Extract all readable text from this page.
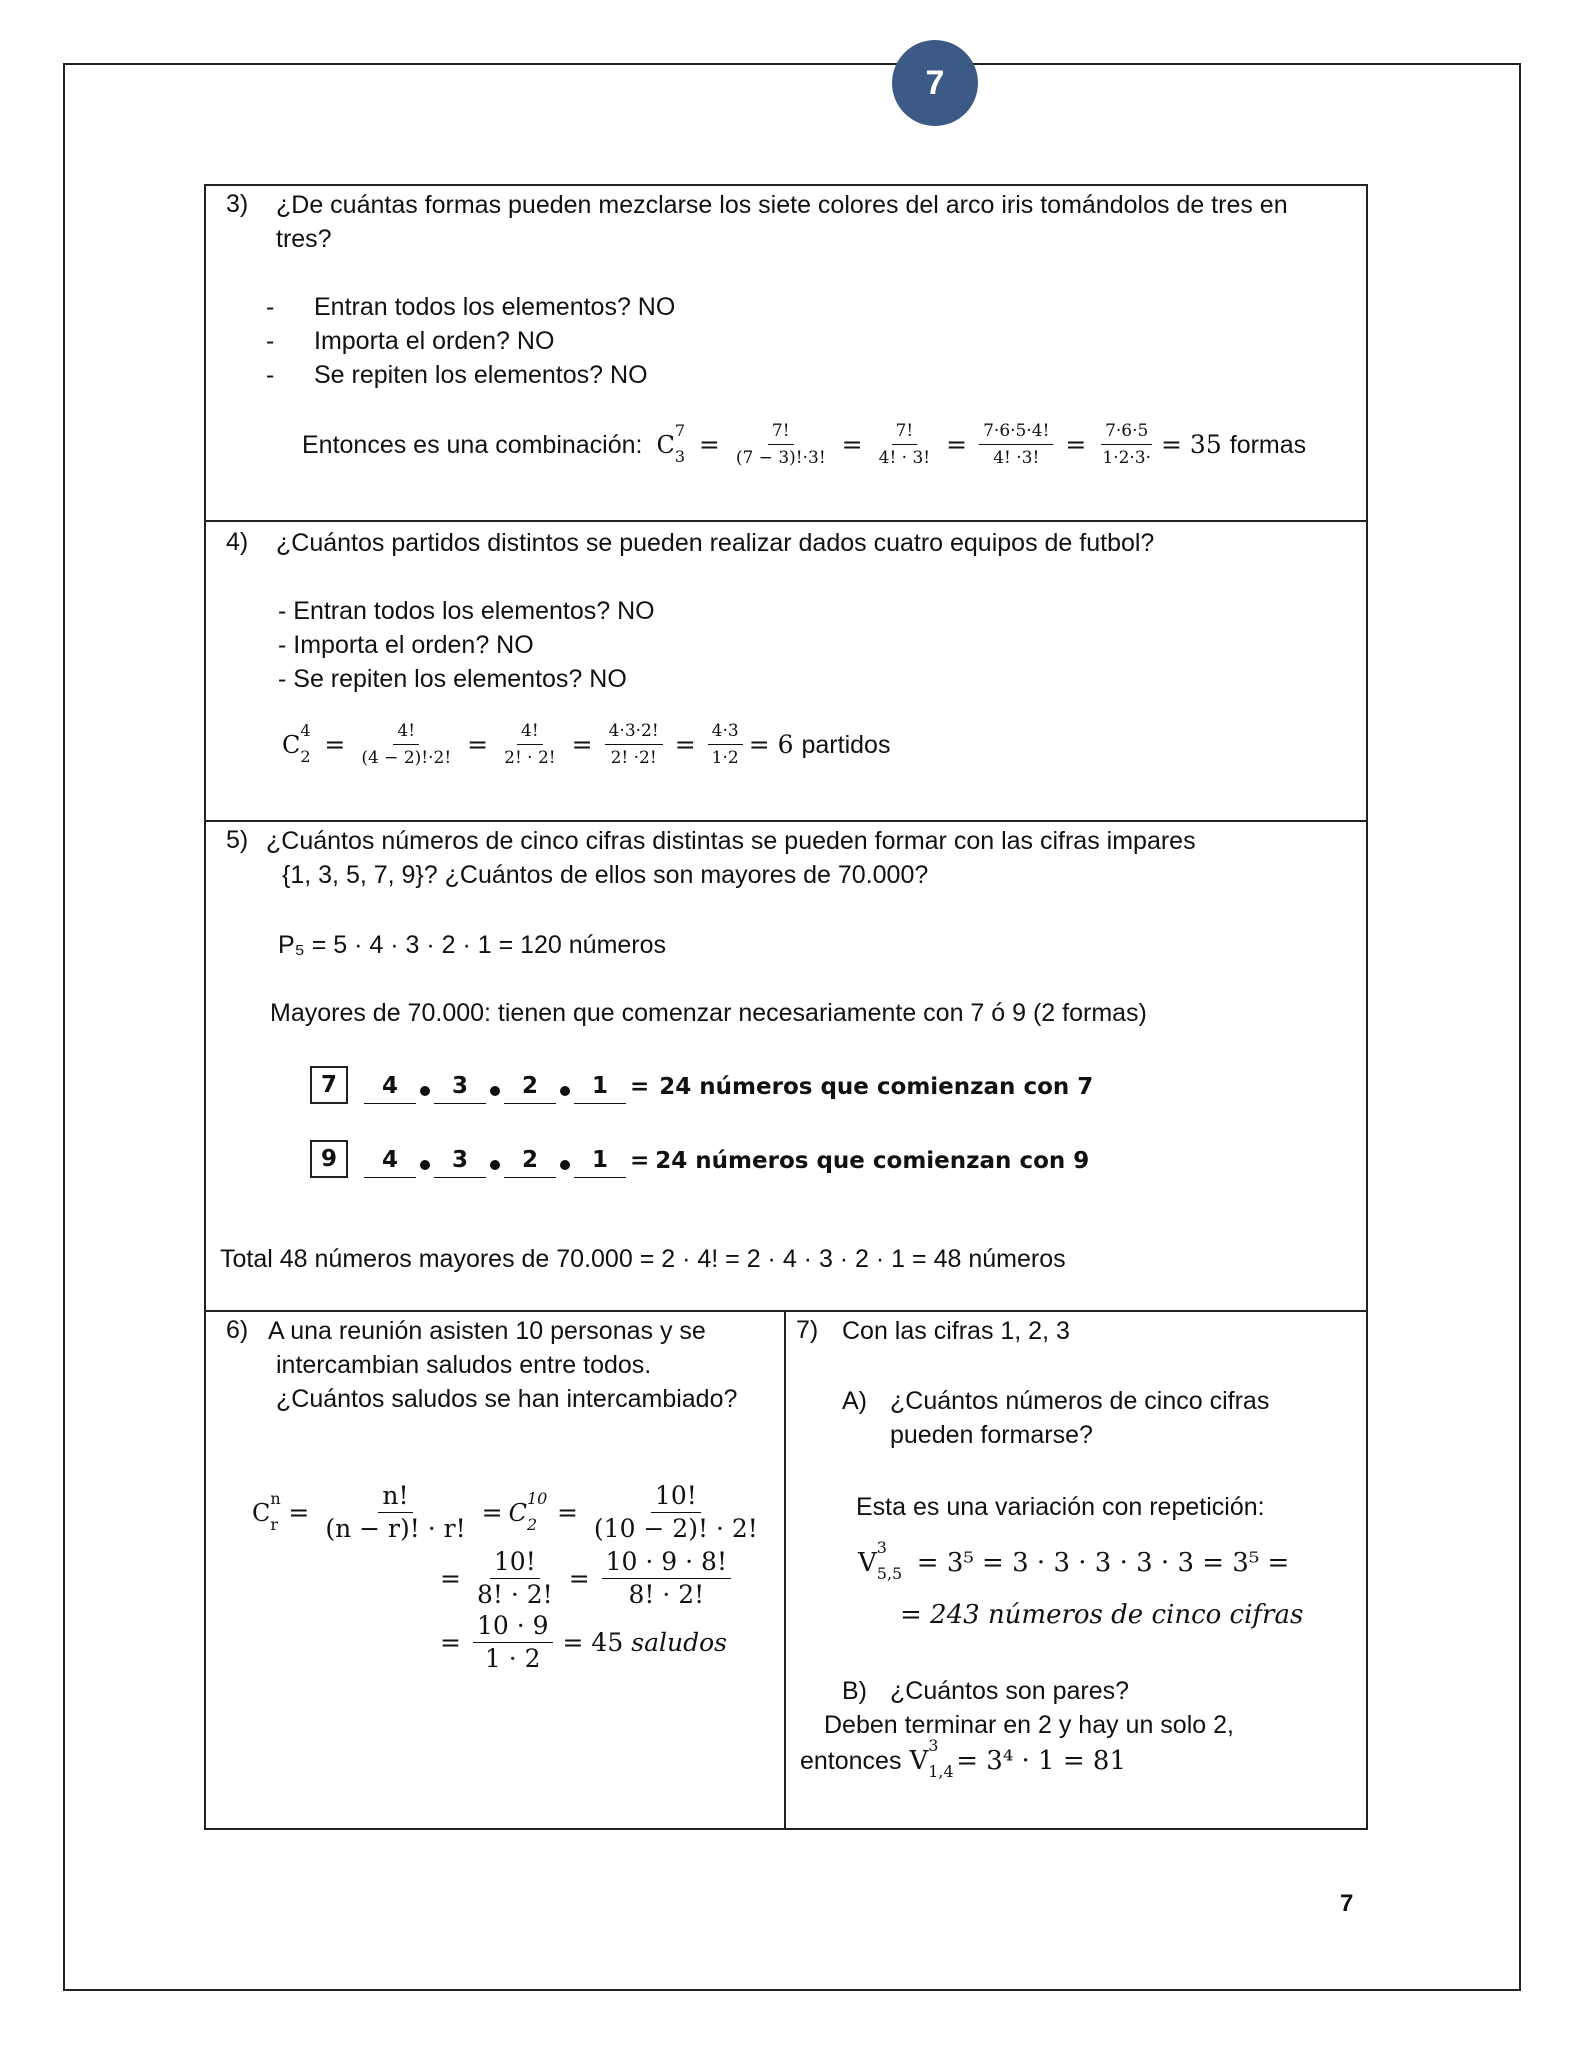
7
3) ¿De cuántas formas pueden mezclarse los siete colores del arco iris tomándolos de tres en
tres?
- Entran todos los elementos? NO
- Importa el orden? NO
- Se repiten los elementos? NO
Entonces es una combinación: C
7
$3 = \frac{7!}{(7 - 3)!\cdot 3!} = \frac{7!}{4! \cdot 3!} = \frac{7\cdot 6\cdot 5\cdot 4!}{4! \cdot 3!} = \frac{7\cdot 6\cdot 5}{1\cdot 2\cdot 3\cdot} = 35$ formas
4) ¿Cuántos partidos distintos se pueden realizar dados cuatro equipos de futbol?
- Entran todos los elementos? NO
- Importa el orden? NO
- Se repiten los elementos? NO
C
4
$2 = \frac{4!}{(4 - 2)!\cdot 2!} = \frac{4!}{2! \cdot 2!} = \frac{4\cdot 3\cdot 2!}{2! \cdot 2!} = \frac{4\cdot 3}{1\cdot 2} = 6$ partidos
5) ¿Cuántos números de cinco cifras distintas se pueden formar con las cifras impares
{1, 3, 5, 7, 9}? ¿Cuántos de ellos son mayores de 70.000?
P₅ = 5 · 4 · 3 · 2 · 1 = 120 números
Mayores de 70.000: tienen que comenzar necesariamente con 7 ó 9 (2 formas)
7	4	3	2	1 = 24 números que comienzan con 7
9	4	3	2	1 = 24 números que comienzan con 9
Total 48 números mayores de 70.000 = 2 · 4! = 2 · 4 · 3 · 2 · 1 = 48 números
6) A una reunión asisten 10 personas y se
intercambian saludos entre todos.
¿Cuántos saludos se han intercambiado?
C
n
$r = \frac{n!}{(n - r)! \cdot r!} = C$
10
$2 = \frac{10!}{(10 - 2)! \cdot 2!}$
= $\frac{10!}{8! \cdot 2!} = \frac{10 \cdot 9 \cdot 8!}{8! \cdot 2!}$
= $\frac{10 \cdot 9}{1 \cdot 2} = 45$ saludos
7) Con las cifras 1, 2, 3
A) ¿Cuántos números de cinco cifras
pueden formarse?
Esta es una variación con repetición:
V
3
5,5 = 3⁵ = 3 · 3 · 3 · 3 · 3 = 3⁵ =
= 243 números de cinco cifras
B) ¿Cuántos son pares?
Deben terminar en 2 y hay un solo 2,
entonces V
3
1,4 = 3⁴ · 1 = 81
7
